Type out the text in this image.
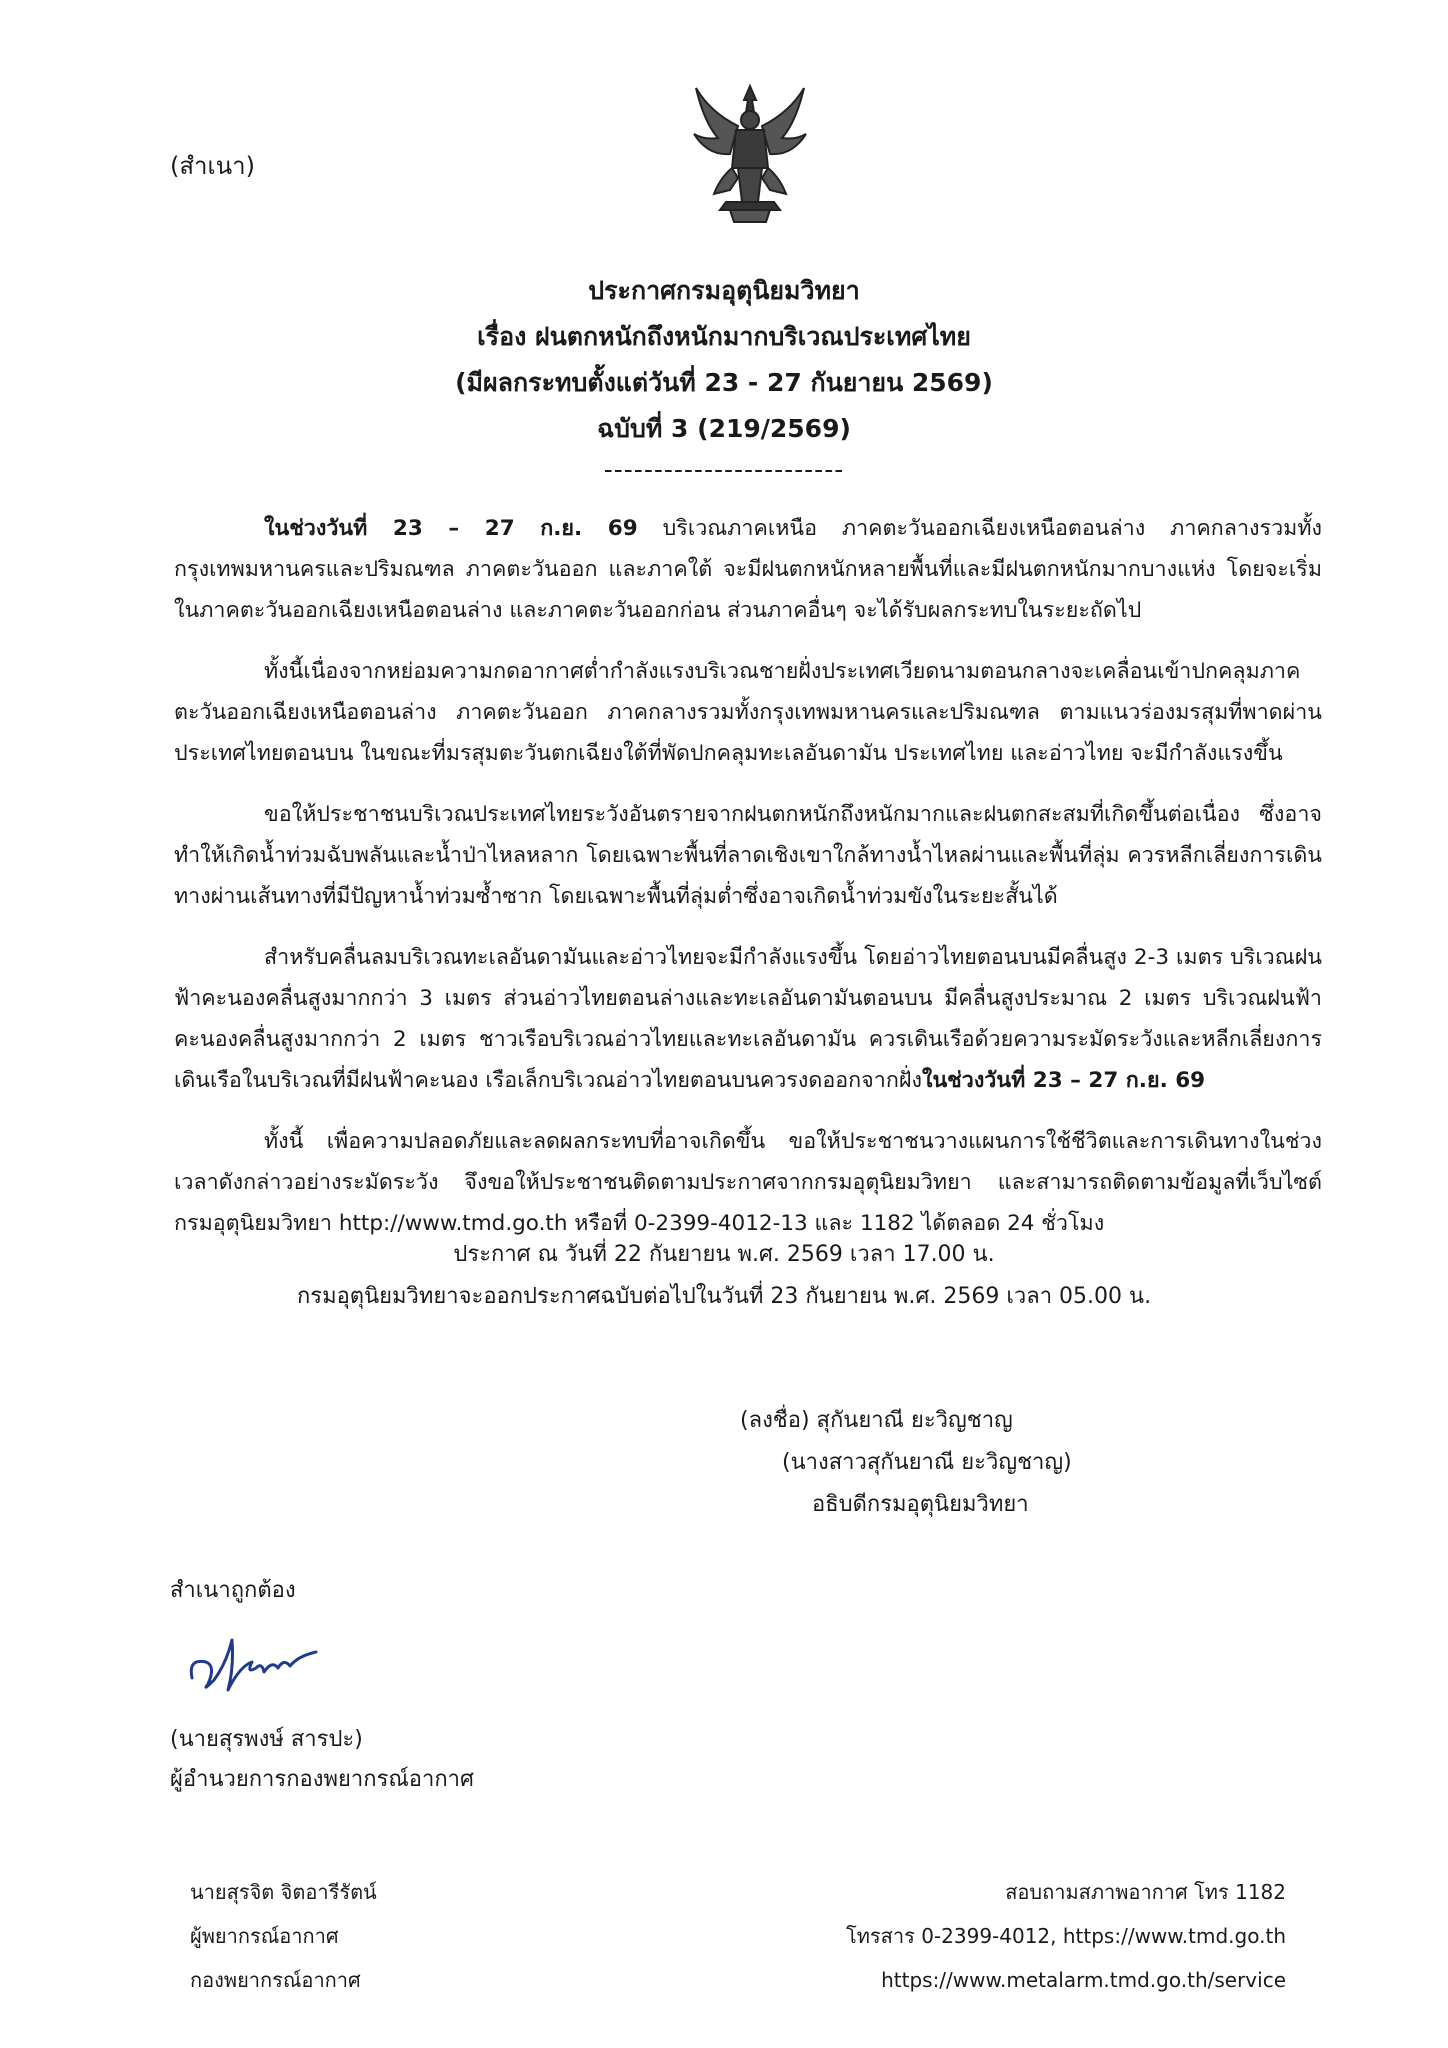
(สำเนา)
ประกาศกรมอุตุนิยมวิทยา
เรื่อง ฝนตกหนักถึงหนักมากบริเวณประเทศไทย
(มีผลกระทบตั้งแต่วันที่ 23 - 27 กันยายน 2569)
ฉบับที่ 3 (219/2569)
------------------------

ในช่วงวันที่ 23 – 27 ก.ย. 69 บริเวณภาคเหนือ ภาคตะวันออกเฉียงเหนือตอนล่าง ภาคกลางรวมทั้งกรุงเทพมหานครและปริมณฑล ภาคตะวันออก และภาคใต้ จะมีฝนตกหนักหลายพื้นที่และมีฝนตกหนักมากบางแห่ง โดยจะเริ่มในภาคตะวันออกเฉียงเหนือตอนล่าง และภาคตะวันออกก่อน ส่วนภาคอื่นๆ จะได้รับผลกระทบในระยะถัดไป

ทั้งนี้เนื่องจากหย่อมความกดอากาศต่ำกำลังแรงบริเวณชายฝั่งประเทศเวียดนามตอนกลางจะเคลื่อนเข้าปกคลุมภาคตะวันออกเฉียงเหนือตอนล่าง ภาคตะวันออก ภาคกลางรวมทั้งกรุงเทพมหานครและปริมณฑล ตามแนวร่องมรสุมที่พาดผ่านประเทศไทยตอนบน ในขณะที่มรสุมตะวันตกเฉียงใต้ที่พัดปกคลุมทะเลอันดามัน ประเทศไทย และอ่าวไทย จะมีกำลังแรงขึ้น

ขอให้ประชาชนบริเวณประเทศไทยระวังอันตรายจากฝนตกหนักถึงหนักมากและฝนตกสะสมที่เกิดขึ้นต่อเนื่อง ซึ่งอาจทำให้เกิดน้ำท่วมฉับพลันและน้ำป่าไหลหลาก โดยเฉพาะพื้นที่ลาดเชิงเขาใกล้ทางน้ำไหลผ่านและพื้นที่ลุ่ม ควรหลีกเลี่ยงการเดินทางผ่านเส้นทางที่มีปัญหาน้ำท่วมซ้ำซาก โดยเฉพาะพื้นที่ลุ่มต่ำซึ่งอาจเกิดน้ำท่วมขังในระยะสั้นได้

สำหรับคลื่นลมบริเวณทะเลอันดามันและอ่าวไทยจะมีกำลังแรงขึ้น โดยอ่าวไทยตอนบนมีคลื่นสูง 2-3 เมตร บริเวณฝนฟ้าคะนองคลื่นสูงมากกว่า 3 เมตร ส่วนอ่าวไทยตอนล่างและทะเลอันดามันตอนบน มีคลื่นสูงประมาณ 2 เมตร บริเวณฝนฟ้าคะนองคลื่นสูงมากกว่า 2 เมตร ชาวเรือบริเวณอ่าวไทยและทะเลอันดามัน ควรเดินเรือด้วยความระมัดระวังและหลีกเลี่ยงการเดินเรือในบริเวณที่มีฝนฟ้าคะนอง เรือเล็กบริเวณอ่าวไทยตอนบนควรงดออกจากฝั่งในช่วงวันที่ 23 – 27 ก.ย. 69

ทั้งนี้ เพื่อความปลอดภัยและลดผลกระทบที่อาจเกิดขึ้น ขอให้ประชาชนวางแผนการใช้ชีวิตและการเดินทางในช่วงเวลาดังกล่าวอย่างระมัดระวัง จึงขอให้ประชาชนติดตามประกาศจากกรมอุตุนิยมวิทยา และสามารถติดตามข้อมูลที่เว็บไซต์กรมอุตุนิยมวิทยา http://www.tmd.go.th หรือที่ 0-2399-4012-13 และ 1182 ได้ตลอด 24 ชั่วโมง

ประกาศ ณ วันที่ 22 กันยายน พ.ศ. 2569 เวลา 17.00 น.
กรมอุตุนิยมวิทยาจะออกประกาศฉบับต่อไปในวันที่ 23 กันยายน พ.ศ. 2569 เวลา 05.00 น.
(ลงชื่อ) สุกันยาณี ยะวิญชาญ
(นางสาวสุกันยาณี ยะวิญชาญ)
อธิบดีกรมอุตุนิยมวิทยา
สำเนาถูกต้อง
(นายสุรพงษ์ สารปะ)
ผู้อำนวยการกองพยากรณ์อากาศ
นายสุรจิต จิตอารีรัตน์
ผู้พยากรณ์อากาศ
กองพยากรณ์อากาศ
สอบถามสภาพอากาศ โทร 1182
โทรสาร 0-2399-4012, https://www.tmd.go.th
https://www.metalarm.tmd.go.th/service
